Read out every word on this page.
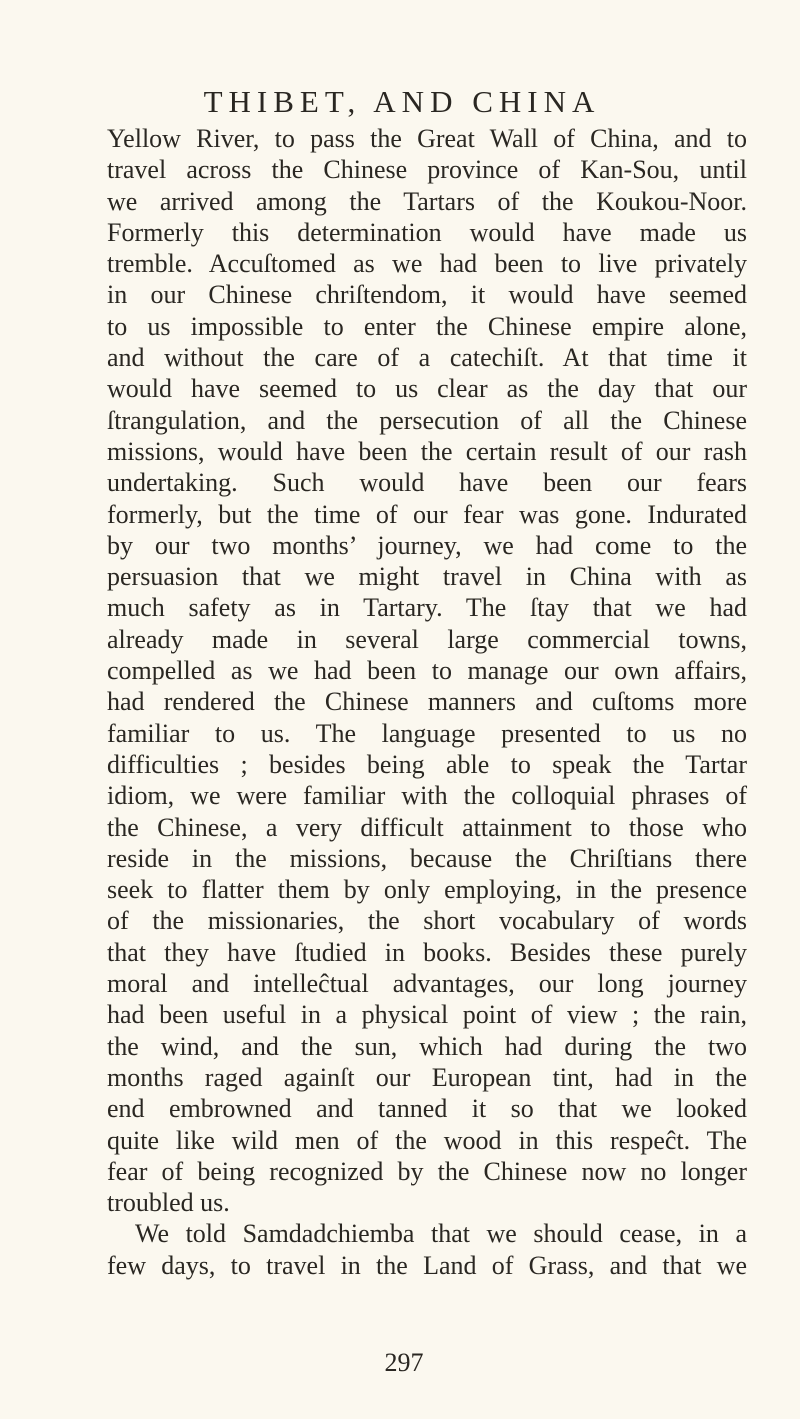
THIBET, AND CHINA
Yellow River, to pass the Great Wall of China, and to
travel across the Chinese province of Kan-Sou, until
we arrived among the Tartars of the Koukou-Noor.
Formerly this determination would have made us
tremble. Accuſtomed as we had been to live privately
in our Chinese chriſtendom, it would have seemed
to us impossible to enter the Chinese empire alone,
and without the care of a catechiſt. At that time it
would have seemed to us clear as the day that our
ſtrangulation, and the persecution of all the Chinese
missions, would have been the certain result of our rash
undertaking. Such would have been our fears
formerly, but the time of our fear was gone. Indurated
by our two months’ journey, we had come to the
persuasion that we might travel in China with as
much safety as in Tartary. The ſtay that we had
already made in several large commercial towns,
compelled as we had been to manage our own affairs,
had rendered the Chinese manners and cuſtoms more
familiar to us. The language presented to us no
difficulties ; besides being able to speak the Tartar
idiom, we were familiar with the colloquial phrases of
the Chinese, a very difficult attainment to those who
reside in the missions, because the Chriſtians there
seek to flatter them by only employing, in the presence
of the missionaries, the short vocabulary of words
that they have ſtudied in books. Besides these purely
moral and intelleĉtual advantages, our long journey
had been useful in a physical point of view ; the rain,
the wind, and the sun, which had during the two
months raged againſt our European tint, had in the
end embrowned and tanned it so that we looked
quite like wild men of the wood in this respeĉt. The
fear of being recognized by the Chinese now no longer
troubled us.
We told Samdadchiemba that we should cease, in a
few days, to travel in the Land of Grass, and that we
297
